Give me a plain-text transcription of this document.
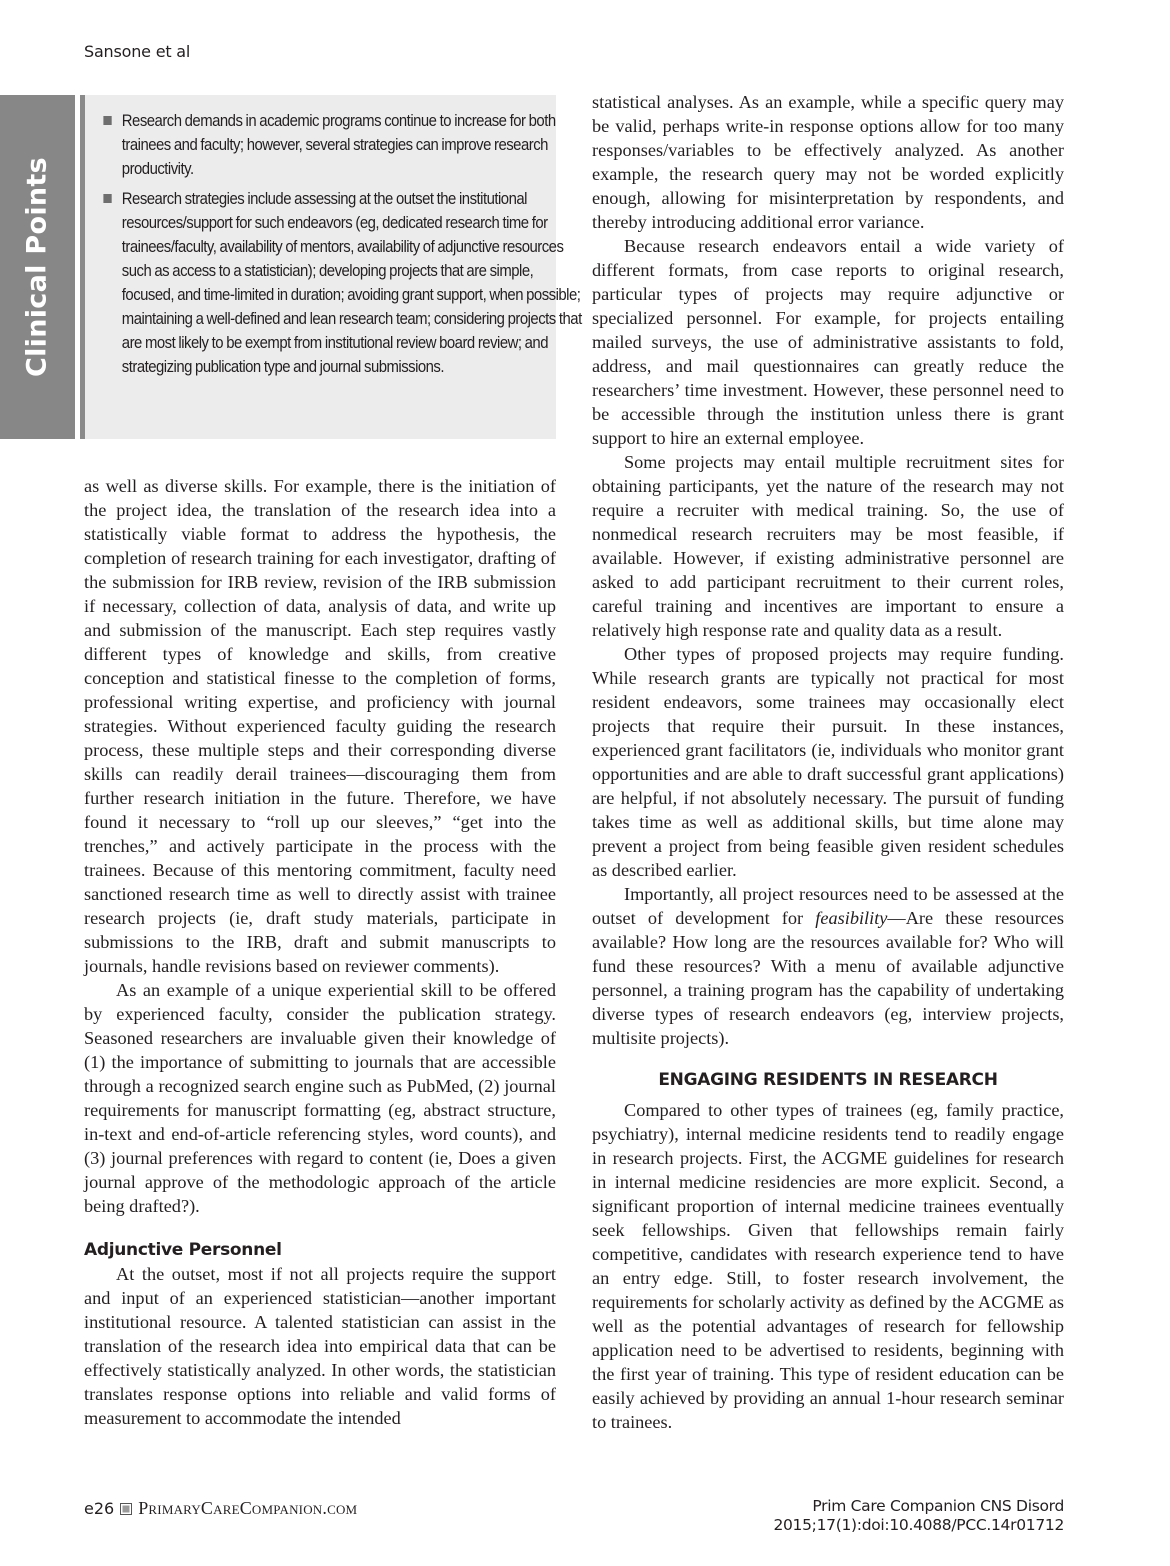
Sansone et al
Clinical Points
Research demands in academic programs continue to increase for both trainees and faculty; however, several strategies can improve research productivity.
Research strategies include assessing at the outset the institutional resources/support for such endeavors (eg, dedicated research time for trainees/faculty, availability of mentors, availability of adjunctive resources such as access to a statistician); developing projects that are simple, focused, and time-limited in duration; avoiding grant support, when possible; maintaining a well-defined and lean research team; considering projects that are most likely to be exempt from institutional review board review; and strategizing publication type and journal submissions.

as well as diverse skills. For example, there is the initiation of the project idea, the translation of the research idea into a statistically viable format to address the hypothesis, the completion of research training for each investigator, drafting of the submission for IRB review, revision of the IRB submission if necessary, collection of data, analysis of data, and write up and submission of the manuscript. Each step requires vastly different types of knowledge and skills, from creative conception and statistical finesse to the completion of forms, professional writing expertise, and proficiency with journal strategies. Without experienced faculty guiding the research process, these multiple steps and their corresponding diverse skills can readily derail trainees—discouraging them from further research initiation in the future. Therefore, we have found it necessary to “roll up our sleeves,” “get into the trenches,” and actively participate in the process with the trainees. Because of this mentoring commitment, faculty need sanctioned research time as well to directly assist with trainee research projects (ie, draft study materials, participate in submissions to the IRB, draft and submit manuscripts to journals, handle revisions based on reviewer comments).

As an example of a unique experiential skill to be offered by experienced faculty, consider the publication strategy. Seasoned researchers are invaluable given their knowledge of (1) the importance of submitting to journals that are accessible through a recognized search engine such as PubMed, (2) journal requirements for manuscript formatting (eg, abstract structure, in-text and end-of-article referencing styles, word counts), and (3) journal preferences with regard to content (ie, Does a given journal approve of the methodologic approach of the article being drafted?).

Adjunctive Personnel

At the outset, most if not all projects require the support and input of an experienced statistician—another important institutional resource. A talented statistician can assist in the translation of the research idea into empirical data that can be effectively statistically analyzed. In other words, the statistician translates response options into reliable and valid forms of measurement to accommodate the intended

statistical analyses. As an example, while a specific query may be valid, perhaps write-in response options allow for too many responses/variables to be effectively analyzed. As another example, the research query may not be worded explicitly enough, allowing for misinterpretation by respondents, and thereby introducing additional error variance.

Because research endeavors entail a wide variety of different formats, from case reports to original research, particular types of projects may require adjunctive or specialized personnel. For example, for projects entailing mailed surveys, the use of administrative assistants to fold, address, and mail questionnaires can greatly reduce the researchers’ time investment. However, these personnel need to be accessible through the institution unless there is grant support to hire an external employee.

Some projects may entail multiple recruitment sites for obtaining participants, yet the nature of the research may not require a recruiter with medical training. So, the use of nonmedical research recruiters may be most feasible, if available. However, if existing administrative personnel are asked to add participant recruitment to their current roles, careful training and incentives are important to ensure a relatively high response rate and quality data as a result.

Other types of proposed projects may require funding. While research grants are typically not practical for most resident endeavors, some trainees may occasionally elect projects that require their pursuit. In these instances, experienced grant facilitators (ie, individuals who monitor grant opportunities and are able to draft successful grant applications) are helpful, if not absolutely necessary. The pursuit of funding takes time as well as additional skills, but time alone may prevent a project from being feasible given resident schedules as described earlier.

Importantly, all project resources need to be assessed at the outset of development for feasibility—Are these resources available? How long are the resources available for? Who will fund these resources? With a menu of available adjunctive personnel, a training program has the capability of undertaking diverse types of research endeavors (eg, interview projects, multisite projects).

ENGAGING RESIDENTS IN RESEARCH

Compared to other types of trainees (eg, family practice, psychiatry), internal medicine residents tend to readily engage in research projects. First, the ACGME guidelines for research in internal medicine residencies are more explicit. Second, a significant proportion of internal medicine trainees eventually seek fellowships. Given that fellowships remain fairly competitive, candidates with research experience tend to have an entry edge. Still, to foster research involvement, the requirements for scholarly activity as defined by the ACGME as well as the potential advantages of research for fellowship application need to be advertised to residents, beginning with the first year of training. This type of resident education can be easily achieved by providing an annual 1-hour research seminar to trainees.

e26 PrimaryCareCompanion.com	Prim Care Companion CNS Disord
2015;17(1):doi:10.4088/PCC.14r01712
